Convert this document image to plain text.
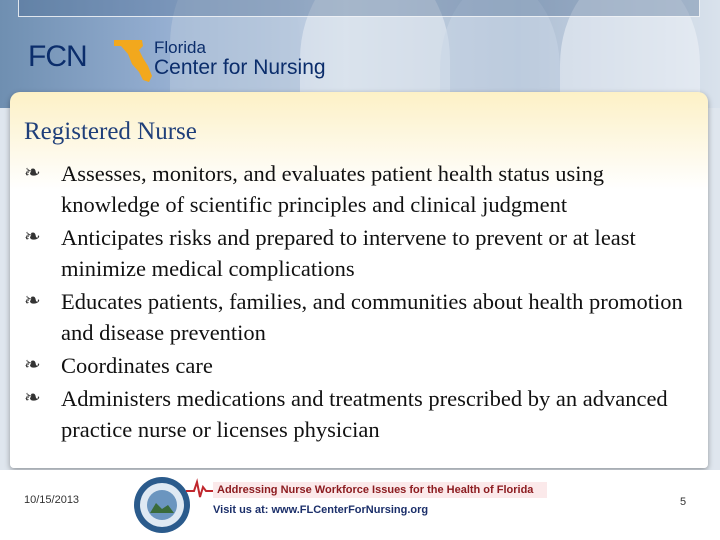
FCN	Florida
Center for Nursing
Registered Nurse
❧ Assesses, monitors, and evaluates patient health status using knowledge of scientific principles and clinical judgment
❧ Anticipates risks and prepared to intervene to prevent or at least minimize medical complications
❧ Educates patients, families, and communities about health promotion and disease prevention
❧ Coordinates care
❧ Administers medications and treatments prescribed by an advanced practice nurse or licenses physician
10/15/2013
Addressing Nurse Workforce Issues for the Health of Florida
Visit us at: www.FLCenterForNursing.org
5
